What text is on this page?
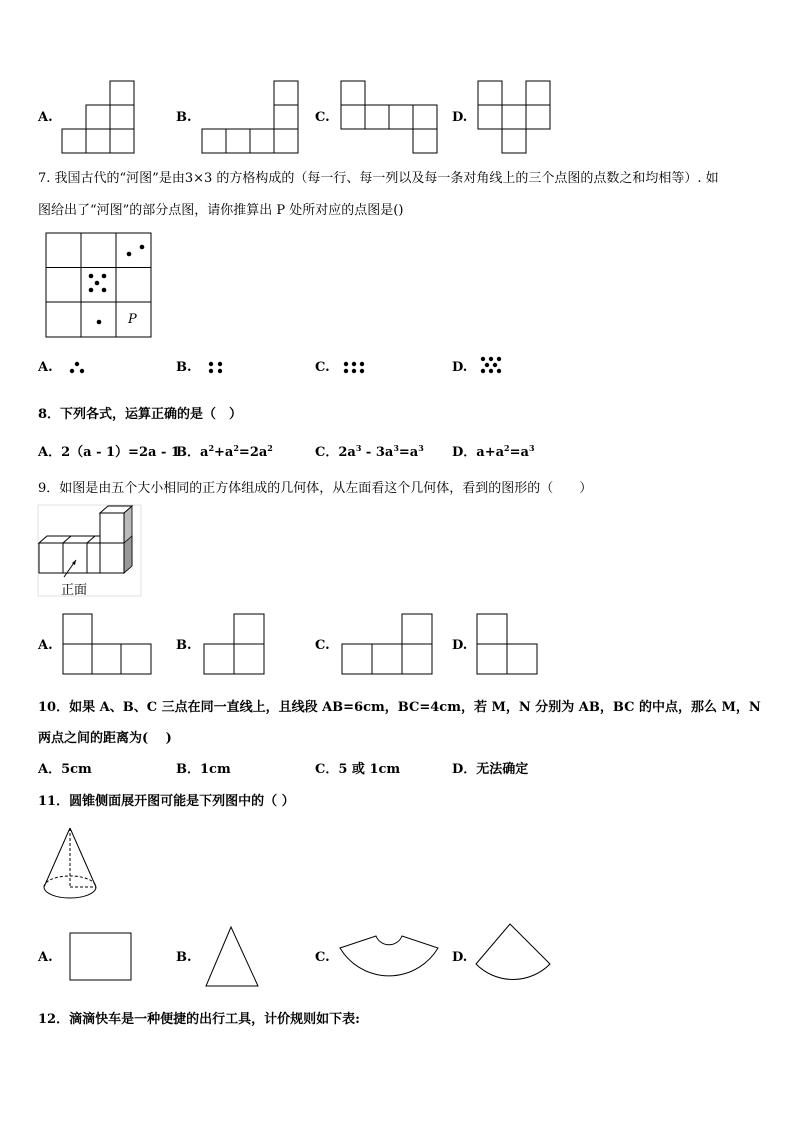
A.	B.	C.	D.
7. 我国古代的“河图”是由3×3 的方格构成的（每一行、每一列以及每一条对角线上的三个点图的点数之和均相等）. 如
图给出了“河图”的部分点图，请你推算出 P 处所对应的点图是()
P
A.	B.	C.	D.
8．下列各式，运算正确的是（　）
A．2（a - 1）=2a - 1
B．$a^2+a^2=2a^2$	C．$2a^3 - 3a^3=a^3$ D．$a+a^2=a^3$
9．如图是由五个大小相同的正方体组成的几何体，从左面看这个几何体，看到的图形的（　　）
正面
A.	B.	C.	D.
10．如果 A、B、C 三点在同一直线上，且线段 AB=6cm，BC=4cm，若 M，N 分别为 AB，BC 的中点，那么 M，N
两点之间的距离为(　 )
A．5cm	B．1cm	C．5 或 1cm	D．无法确定
11．圆锥侧面展开图可能是下列图中的（ ）
A.	B.	C.	D.
12．滴滴快车是一种便捷的出行工具，计价规则如下表:
